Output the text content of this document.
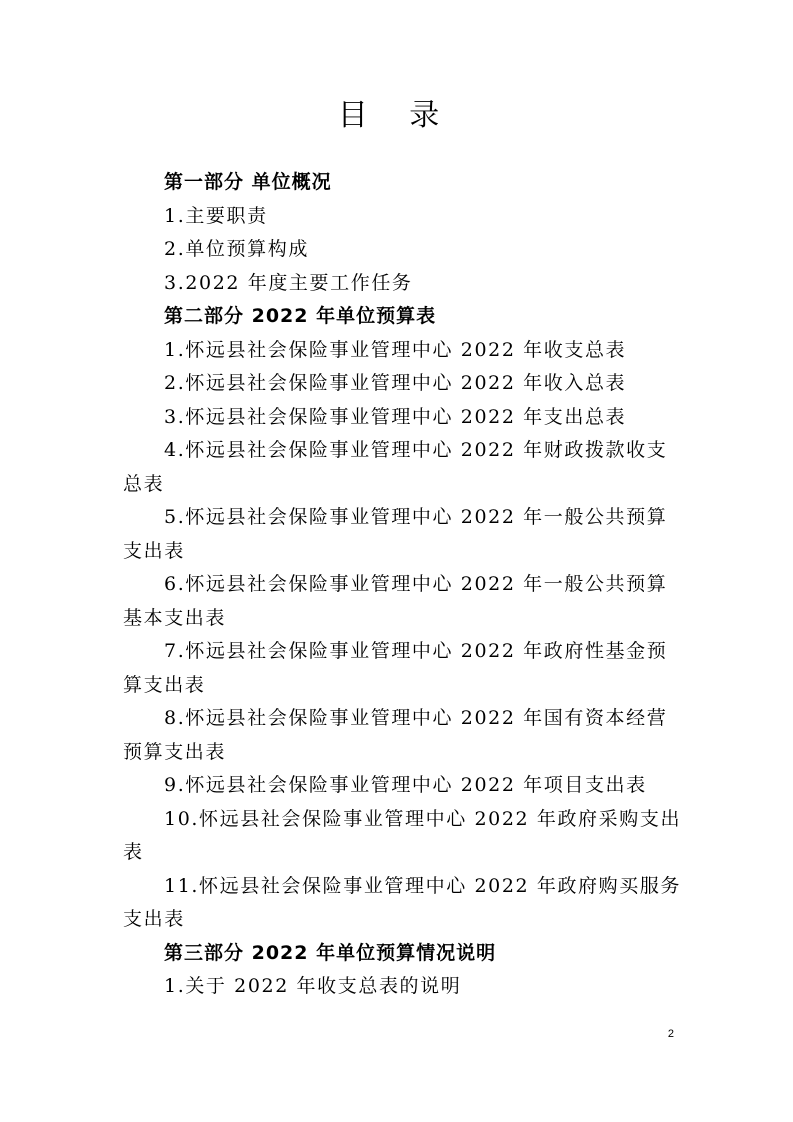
目 录
第一部分 单位概况
1.主要职责
2.单位预算构成
3.2022 年度主要工作任务
第二部分 2022 年单位预算表
1.怀远县社会保险事业管理中心 2022 年收支总表
2.怀远县社会保险事业管理中心 2022 年收入总表
3.怀远县社会保险事业管理中心 2022 年支出总表
4.怀远县社会保险事业管理中心 2022 年财政拨款收支总表
5.怀远县社会保险事业管理中心 2022 年一般公共预算支出表
6.怀远县社会保险事业管理中心 2022 年一般公共预算基本支出表
7.怀远县社会保险事业管理中心 2022 年政府性基金预算支出表
8.怀远县社会保险事业管理中心 2022 年国有资本经营预算支出表
9.怀远县社会保险事业管理中心 2022 年项目支出表
10.怀远县社会保险事业管理中心 2022 年政府采购支出表
11.怀远县社会保险事业管理中心 2022 年政府购买服务支出表
第三部分 2022 年单位预算情况说明
1.关于 2022 年收支总表的说明
2
